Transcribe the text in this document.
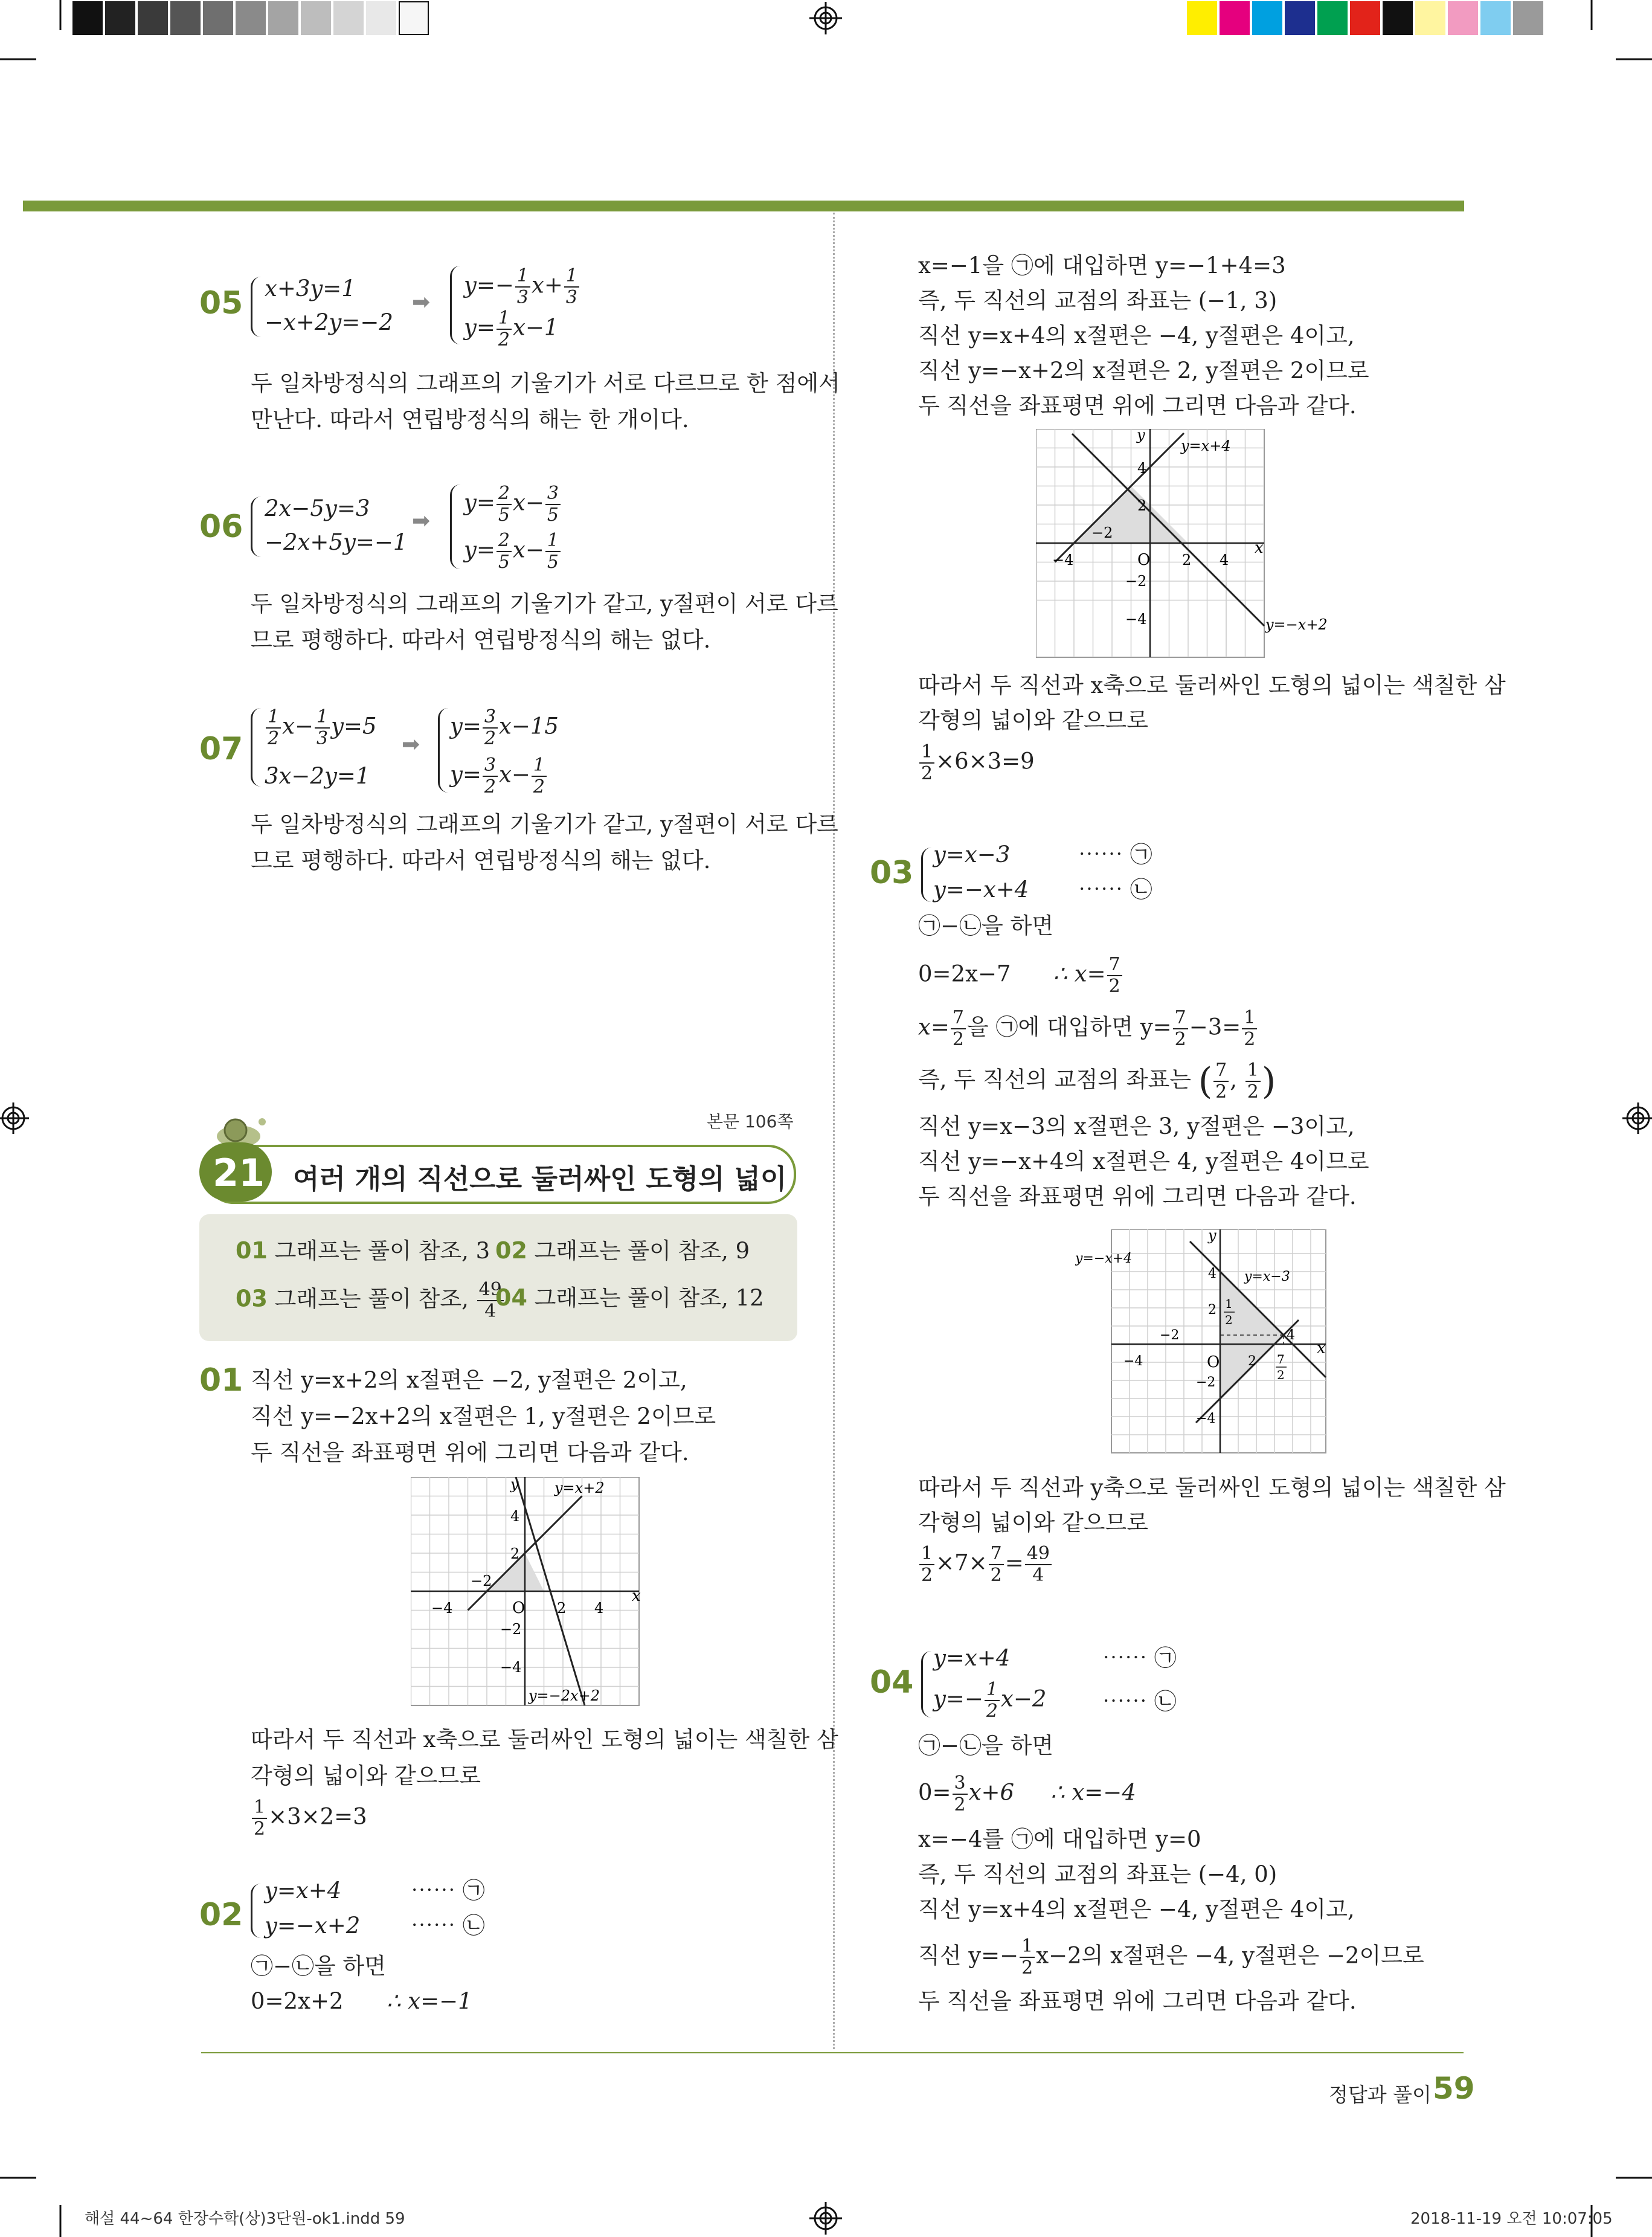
05 x+3y=1
−x+2y=−2
➡
$y=- \frac{1}{3} x+ \frac{1}{3}$
$y= \frac{1}{2} x-1$
두 일차방정식의 그래프의 기울기가 서로 다르므로 한 점에서
만난다. 따라서 연립방정식의 해는 한 개이다.
06
2x−5y=3
−2x+5y=−1
➡
$y= \frac{2}{5} x- \frac{3}{5}$
$y= \frac{2}{5} x- \frac{1}{5}$
두 일차방정식의 그래프의 기울기가 같고, y절편이 서로 다르
므로 평행하다. 따라서 연립방정식의 해는 없다.
$07 \frac{1}{2} x- \frac{1}{3} y=5$
3x−2y=1
➡
$y= \frac{3}{2} x-15$
$y= \frac{3}{2} x- \frac{1}{2}$
두 일차방정식의 그래프의 기울기가 같고, y절편이 서로 다르
므로 평행하다. 따라서 연립방정식의 해는 없다.
본문 106쪽
21 여러 개의 직선으로 둘러싸인 도형의 넓이
01 그래프는 풀이 참조, 3 02 그래프는 풀이 참조, 9
03 그래프는 풀이 참조, $\frac{49}{4}$
04 그래프는 풀이 참조, 12
01 직선 y=x+2의 x절편은 −2, y절편은 2이고,
직선 y=−2x+2의 x절편은 1, y절편은 2이므로
두 직선을 좌표평면 위에 그리면 다음과 같다.
x
y
O
4
2
−2
−4
−2
−4	2 4
y=x+2
y=−2x+2
따라서 두 직선과 x축으로 둘러싸인 도형의 넓이는 색칠한 삼
각형의 넓이와 같으므로
$\frac{1}{2} \times 3\times 2=3$
02
y=x+4
y=−x+2
⋯⋯ ㉠
⋯⋯ ㉡
㉠−㉡을 하면
0=2x+2 ∴ x=−1
x=−1을 ㉠에 대입하면 y=−1+4=3
즉, 두 직선의 교점의 좌표는 (−1, 3)
직선 y=x+4의 x절편은 −4, y절편은 4이고,
직선 y=−x+2의 x절편은 2, y절편은 2이므로
두 직선을 좌표평면 위에 그리면 다음과 같다.
x
y
O
4
2
−2
−4
−2
−4	2 4
y=x+4
y=−x+2
따라서 두 직선과 x축으로 둘러싸인 도형의 넓이는 색칠한 삼
각형의 넓이와 같으므로
$\frac{1}{2} \times 6\times 3=9$
03
y=x−3
y=−x+4
⋯⋯ ㉠
⋯⋯ ㉡
㉠−㉡을 하면
0=2x−7 ∴ $x= \frac{7}{2}$
$x= \frac{7}{2}$ 을 ㉠에 대입하면 $y= \frac{7}{2} -3= \frac{1}{2}$
즉, 두 직선의 교점의 좌표는 ( $\frac{7}{2}$ , $\frac{1}{2}$ )
직선 y=x−3의 x절편은 3, y절편은 −3이고,
직선 y=−x+4의 x절편은 4, y절편은 4이므로
두 직선을 좌표평면 위에 그리면 다음과 같다.
x
y
O
4
2
−2
−4
−2
−4	2
4
1
2
7
2
y=−x+4
y=x−3
따라서 두 직선과 y축으로 둘러싸인 도형의 넓이는 색칠한 삼
각형의 넓이와 같으므로
$\frac{1}{2} \times 7\times \frac{7}{2} = \frac{49}{4}$
04
y=x+4
$y=- \frac{1}{2} x-2$
⋯⋯ ㉠
⋯⋯ ㉡
㉠−㉡을 하면
$0= \frac{3}{2} x+6$ ∴ x=−4
x=−4를 ㉠에 대입하면 y=0
즉, 두 직선의 교점의 좌표는 (−4, 0)
직선 y=x+4의 x절편은 −4, y절편은 4이고,
직선 $y=- \frac{1}{2} x-2$의 x절편은 −4, y절편은 −2이므로
두 직선을 좌표평면 위에 그리면 다음과 같다.
정답과 풀이 59
해설 44~64 한장수학(상)3단원-ok1.indd 59	2018-11-19 오전 10:07:05
